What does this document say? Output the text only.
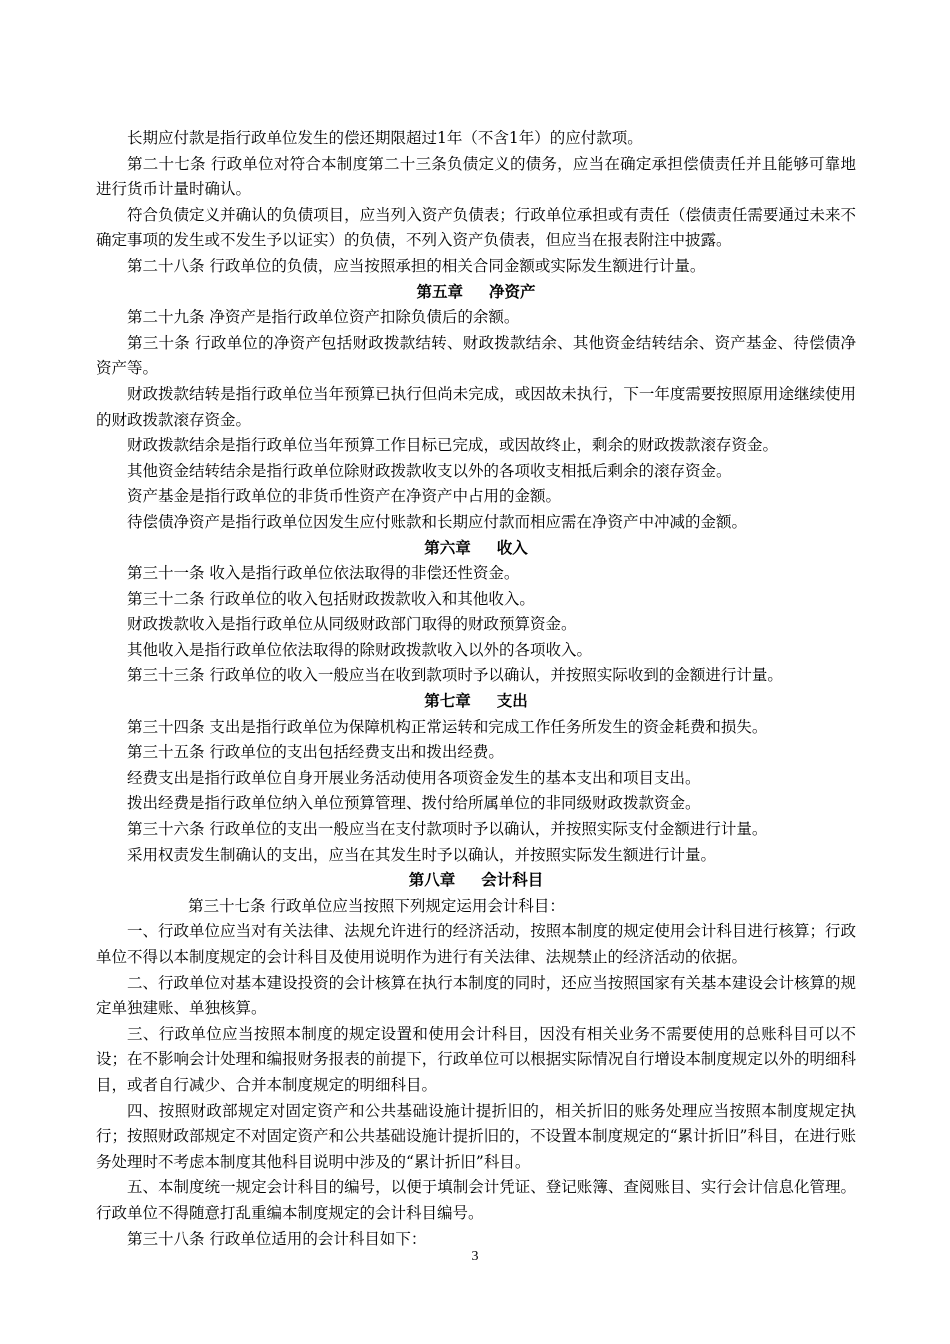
长期应付款是指行政单位发生的偿还期限超过1年（不含1年）的应付款项。
第二十七条 行政单位对符合本制度第二十三条负债定义的债务，应当在确定承担偿债责任并且能够可靠地进行货币计量时确认。
符合负债定义并确认的负债项目，应当列入资产负债表；行政单位承担或有责任（偿债责任需要通过未来不确定事项的发生或不发生予以证实）的负债，不列入资产负债表，但应当在报表附注中披露。
第二十八条 行政单位的负债，应当按照承担的相关合同金额或实际发生额进行计量。
第五章 净资产
第二十九条 净资产是指行政单位资产扣除负债后的余额。
第三十条 行政单位的净资产包括财政拨款结转、财政拨款结余、其他资金结转结余、资产基金、待偿债净资产等。
财政拨款结转是指行政单位当年预算已执行但尚未完成，或因故未执行，下一年度需要按照原用途继续使用的财政拨款滚存资金。
财政拨款结余是指行政单位当年预算工作目标已完成，或因故终止，剩余的财政拨款滚存资金。
其他资金结转结余是指行政单位除财政拨款收支以外的各项收支相抵后剩余的滚存资金。
资产基金是指行政单位的非货币性资产在净资产中占用的金额。
待偿债净资产是指行政单位因发生应付账款和长期应付款而相应需在净资产中冲减的金额。
第六章 收入
第三十一条 收入是指行政单位依法取得的非偿还性资金。
第三十二条 行政单位的收入包括财政拨款收入和其他收入。
财政拨款收入是指行政单位从同级财政部门取得的财政预算资金。
其他收入是指行政单位依法取得的除财政拨款收入以外的各项收入。
第三十三条 行政单位的收入一般应当在收到款项时予以确认，并按照实际收到的金额进行计量。
第七章 支出
第三十四条 支出是指行政单位为保障机构正常运转和完成工作任务所发生的资金耗费和损失。
第三十五条 行政单位的支出包括经费支出和拨出经费。
经费支出是指行政单位自身开展业务活动使用各项资金发生的基本支出和项目支出。
拨出经费是指行政单位纳入单位预算管理、拨付给所属单位的非同级财政拨款资金。
第三十六条 行政单位的支出一般应当在支付款项时予以确认，并按照实际支付金额进行计量。
采用权责发生制确认的支出，应当在其发生时予以确认，并按照实际发生额进行计量。
第八章 会计科目
第三十七条 行政单位应当按照下列规定运用会计科目：
一、行政单位应当对有关法律、法规允许进行的经济活动，按照本制度的规定使用会计科目进行核算；行政单位不得以本制度规定的会计科目及使用说明作为进行有关法律、法规禁止的经济活动的依据。
二、行政单位对基本建设投资的会计核算在执行本制度的同时，还应当按照国家有关基本建设会计核算的规定单独建账、单独核算。
三、行政单位应当按照本制度的规定设置和使用会计科目，因没有相关业务不需要使用的总账科目可以不设；在不影响会计处理和编报财务报表的前提下，行政单位可以根据实际情况自行增设本制度规定以外的明细科目，或者自行减少、合并本制度规定的明细科目。
四、按照财政部规定对固定资产和公共基础设施计提折旧的，相关折旧的账务处理应当按照本制度规定执行；按照财政部规定不对固定资产和公共基础设施计提折旧的，不设置本制度规定的“累计折旧”科目，在进行账务处理时不考虑本制度其他科目说明中涉及的“累计折旧”科目。
五、本制度统一规定会计科目的编号，以便于填制会计凭证、登记账簿、查阅账目、实行会计信息化管理。行政单位不得随意打乱重编本制度规定的会计科目编号。
第三十八条 行政单位适用的会计科目如下：
3
